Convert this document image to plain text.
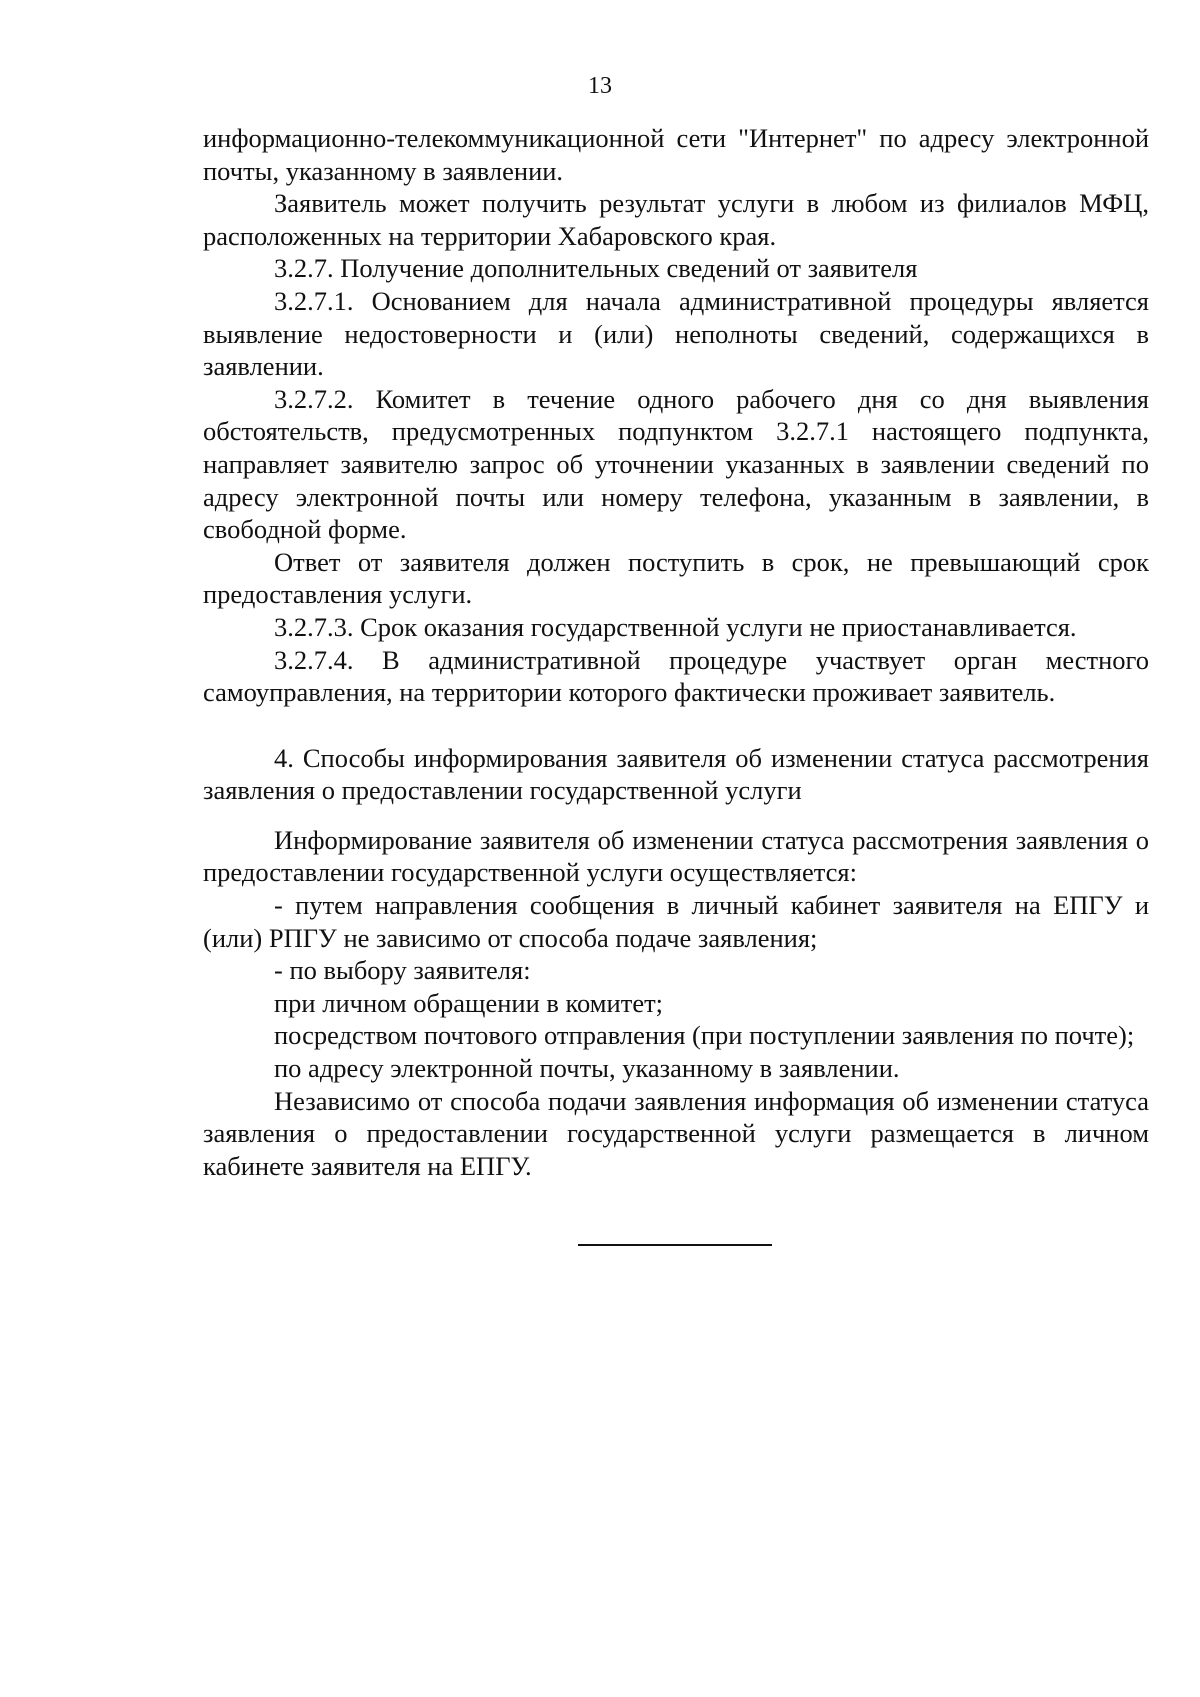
13

информационно-телекоммуникационной сети "Интернет" по адресу электронной почты, указанному в заявлении.

Заявитель может получить результат услуги в любом из филиалов МФЦ, расположенных на территории Хабаровского края.

3.2.7. Получение дополнительных сведений от заявителя

3.2.7.1. Основанием для начала административной процедуры является выявление недостоверности и (или) неполноты сведений, содержащихся в заявлении.

3.2.7.2. Комитет в течение одного рабочего дня со дня выявления обстоятельств, предусмотренных подпунктом 3.2.7.1 настоящего подпункта, направляет заявителю запрос об уточнении указанных в заявлении сведений по адресу электронной почты или номеру телефона, указанным в заявлении, в свободной форме.

Ответ от заявителя должен поступить в срок, не превышающий срок предоставления услуги.

3.2.7.3. Срок оказания государственной услуги не приостанавливается.

3.2.7.4. В административной процедуре участвует орган местного самоуправления, на территории которого фактически проживает заявитель.

4. Способы информирования заявителя об изменении статуса рассмотрения заявления о предоставлении государственной услуги

Информирование заявителя об изменении статуса рассмотрения заявления о предоставлении государственной услуги осуществляется:

- путем направления сообщения в личный кабинет заявителя на ЕПГУ и (или) РПГУ не зависимо от способа подаче заявления;

- по выбору заявителя:

при личном обращении в комитет;

посредством почтового отправления (при поступлении заявления по почте);

по адресу электронной почты, указанному в заявлении.

Независимо от способа подачи заявления информация об изменении статуса заявления о предоставлении государственной услуги размещается в личном кабинете заявителя на ЕПГУ.
